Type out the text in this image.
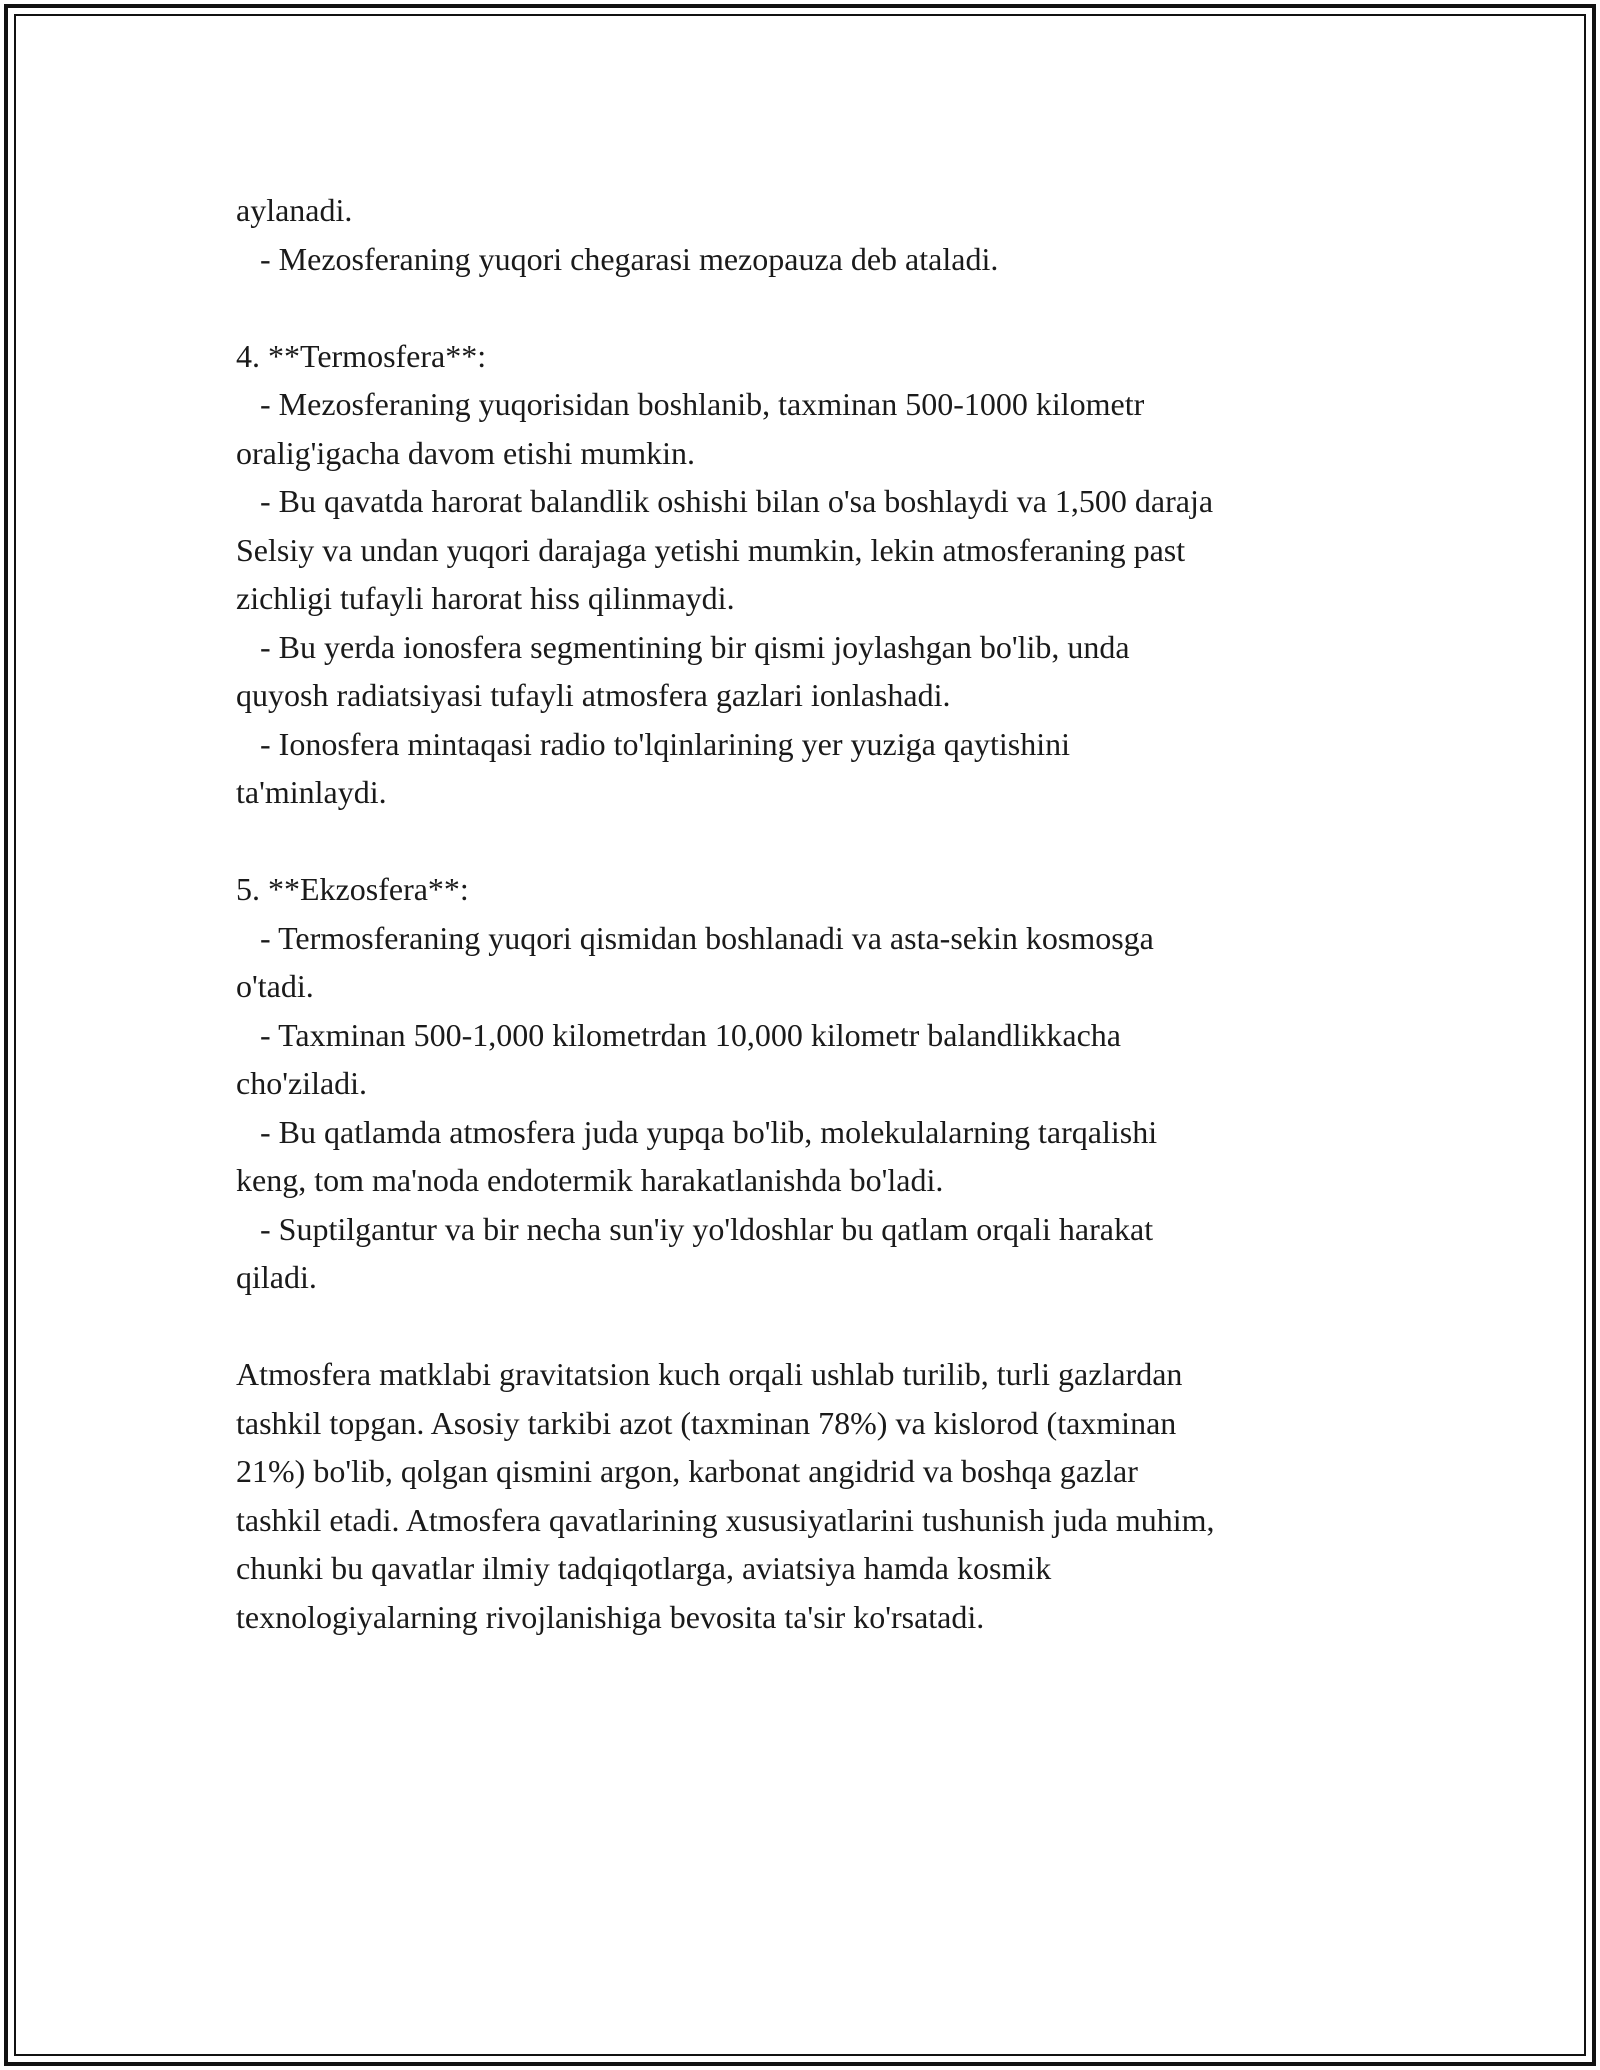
aylanadi.
- Mezosferaning yuqori chegarasi mezopauza deb ataladi.
4. **Termosfera**:
- Mezosferaning yuqorisidan boshlanib, taxminan 500-1000 kilometr
oralig'igacha davom etishi mumkin.
- Bu qavatda harorat balandlik oshishi bilan o'sa boshlaydi va 1,500 daraja
Selsiy va undan yuqori darajaga yetishi mumkin, lekin atmosferaning past
zichligi tufayli harorat hiss qilinmaydi.
- Bu yerda ionosfera segmentining bir qismi joylashgan bo'lib, unda
quyosh radiatsiyasi tufayli atmosfera gazlari ionlashadi.
- Ionosfera mintaqasi radio to'lqinlarining yer yuziga qaytishini
ta'minlaydi.
5. **Ekzosfera**:
- Termosferaning yuqori qismidan boshlanadi va asta-sekin kosmosga
o'tadi.
- Taxminan 500-1,000 kilometrdan 10,000 kilometr balandlikkacha
cho'ziladi.
- Bu qatlamda atmosfera juda yupqa bo'lib, molekulalarning tarqalishi
keng, tom ma'noda endotermik harakatlanishda bo'ladi.
- Suptilgantur va bir necha sun'iy yo'ldoshlar bu qatlam orqali harakat
qiladi.
Atmosfera matklabi gravitatsion kuch orqali ushlab turilib, turli gazlardan
tashkil topgan. Asosiy tarkibi azot (taxminan 78%) va kislorod (taxminan
21%) bo'lib, qolgan qismini argon, karbonat angidrid va boshqa gazlar
tashkil etadi. Atmosfera qavatlarining xususiyatlarini tushunish juda muhim,
chunki bu qavatlar ilmiy tadqiqotlarga, aviatsiya hamda kosmik
texnologiyalarning rivojlanishiga bevosita ta'sir ko'rsatadi.
